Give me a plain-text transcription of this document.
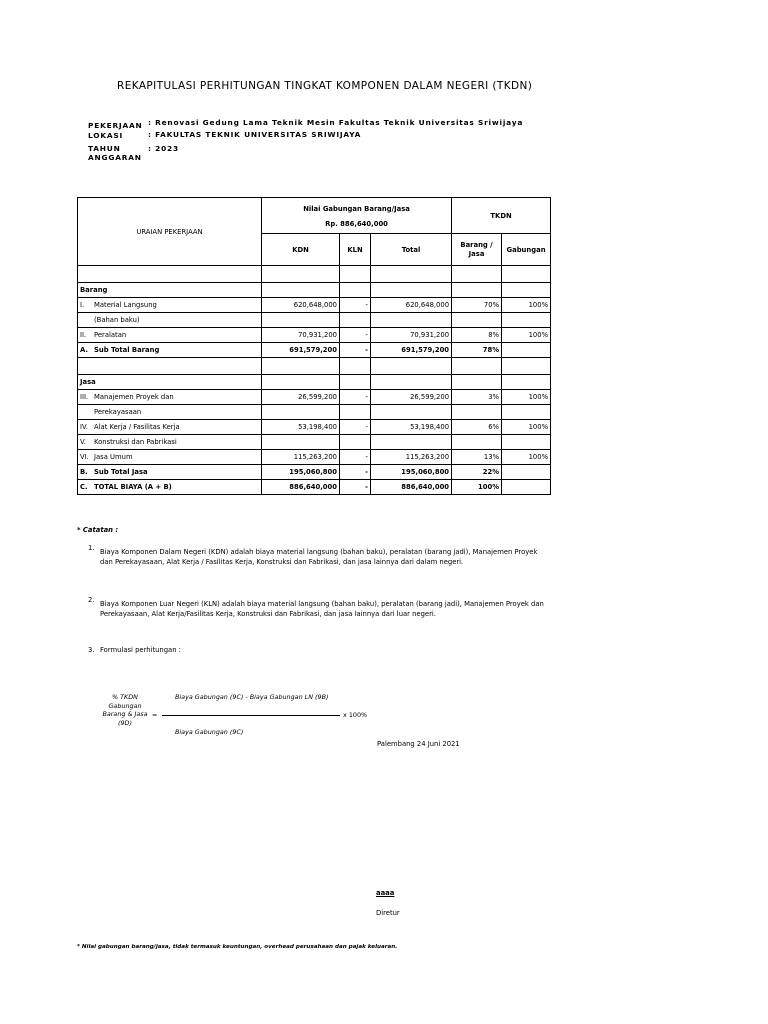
REKAPITULASI PERHITUNGAN TINGKAT KOMPONEN DALAM NEGERI (TKDN)
PEKERJAAN : Renovasi Gedung Lama Teknik Mesin Fakultas Teknik Universitas Sriwijaya
LOKASI	: FAKULTAS TEKNIK UNIVERSITAS SRIWIJAYA
TAHUN
ANGGARAN
: 2023
URAIAN PEKERJAAN	Nilai Gabungan Barang/Jasa
Rp. 886,640,000			TKDN	
	KDN	KLN	Total	Barang / Jasa	Gabungan

Barang					
I. Material Langsung	620,648,000	-	620,648,000	70%	100%
(Bahan baku)					
II. Peralatan	70,931,200	-	70,931,200	8%	100%
A. Sub Total Barang	691,579,200	-	691,579,200	78%	

Jasa					
III. Manajemen Proyek dan	26,599,200	-	26,599,200	3%	100%
Perekayasaan					
IV. Alat Kerja / Fasilitas Kerja	53,198,400	-	53,198,400	6%	100%
V. Konstruksi dan Pabrikasi					
VI. Jasa Umum	115,263,200	-	115,263,200	13%	100%
B. Sub Total Jasa	195,060,800	-	195,060,800	22%	
C. TOTAL BIAYA (A + B)	886,640,000	-	886,640,000	100%	
* Catatan :
1. Biaya Komponen Dalam Negeri (KDN) adalah biaya material langsung (bahan baku), peralatan (barang jadi), Manajemen Proyek dan Perekayasaan, Alat Kerja / Fasilitas Kerja, Konstruksi dan Fabrikasi, dan jasa lainnya dari dalam negeri.
2. Biaya Komponen Luar Negeri (KLN) adalah biaya material langsung (bahan baku), peralatan (barang jadi), Manajemen Proyek dan Perekayasaan, Alat Kerja/Fasilitas Kerja, Konstruksi dan Fabrikasi, dan jasa lainnya dari luar negeri.
3. Formulasi perhitungan :
% TKDN
Gabungan
Barang & Jasa
(9D)
=
Biaya Gabungan (9C) - Biaya Gabungan LN (9B)
x 100%
Biaya Gabungan (9C)
Palembang 24 Juni 2021
aaaa
Diretur
* Nilai gabungan barang/jasa, tidak termasuk keuntungan, overhead perusahaan dan pajak keluaran.
